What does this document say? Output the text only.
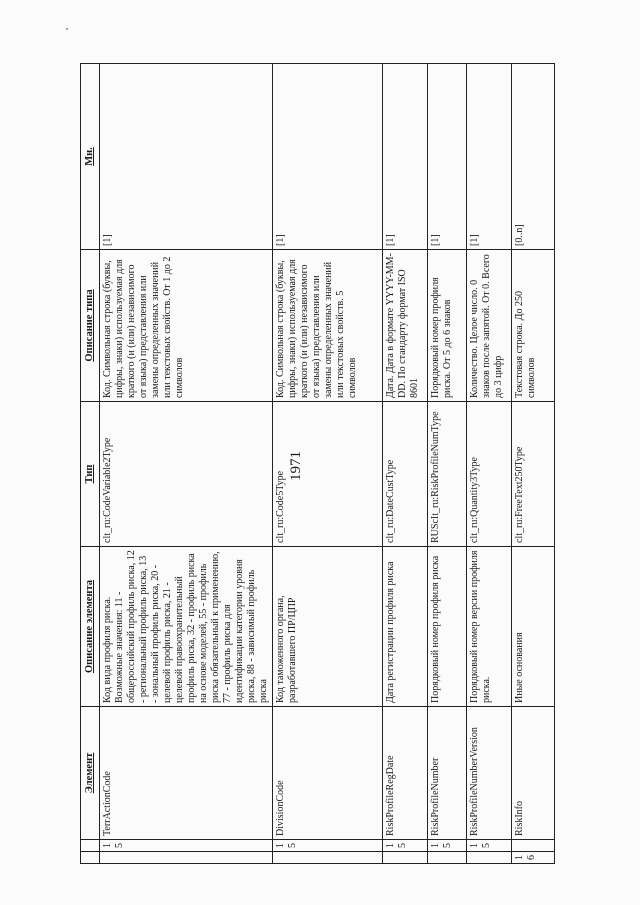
1971
		Элемент	Описание элемента	Тип	Описание типа	Мн.
	15	TerrActionCode	Код вида профиля риска. Возможные значения: 11 - общероссийский профиль риска, 12 - региональный профиль риска, 13 - зональный профиль риска, 20 - целевой профиль риска, 21 - целевой правоохранительный профиль риска, 32 - профиль риска на основе моделей, 55 - профиль риска обязательный к применению, 77 - профиль риска для идентификации категории уровня риска, 88 - зависимый профиль риска	clt_ru:CodeVariable2Type	Код. Символьная строка (буквы, цифры, знаки) используемая для краткого (и (или) независимого от языка) представления или замены определенных значений или текстовых свойств. От 1 до 2 символов	[1]
	15	DivisionCode	Код таможенного органа, разработавшего ПР/ЦПР	clt_ru:Code5Type	Код. Символьная строка (буквы, цифры, знаки) используемая для краткого (и (или) независимого от языка) представления или замены определенных значений или текстовых свойств. 5 символов	[1]
	15	RiskProfileRegDate	Дата регистрации профиля риска	clt_ru:DateCustType	Дата. Дата в формате YYYY-MM-DD. По стандарту формат ISO 8601	[1]
	15	RiskProfileNumber	Порядковый номер профиля риска	RUScIt_ru:RiskProfileNumType	Порядковый номер профиля риска. От 5 до 6 знаков	[1]
	15	RiskProfileNumberVersion	Порядковый номер версии профиля риска.	clt_ru:Quantity3Type	Количество. Целое число. 0 знаков после запятой. От 0. Всего до 3 цифр	[1]
16		RiskInfo	Иные основания	clt_ru:FreeText250Type	Текстовая строка. До 250 символов	[0..n]
